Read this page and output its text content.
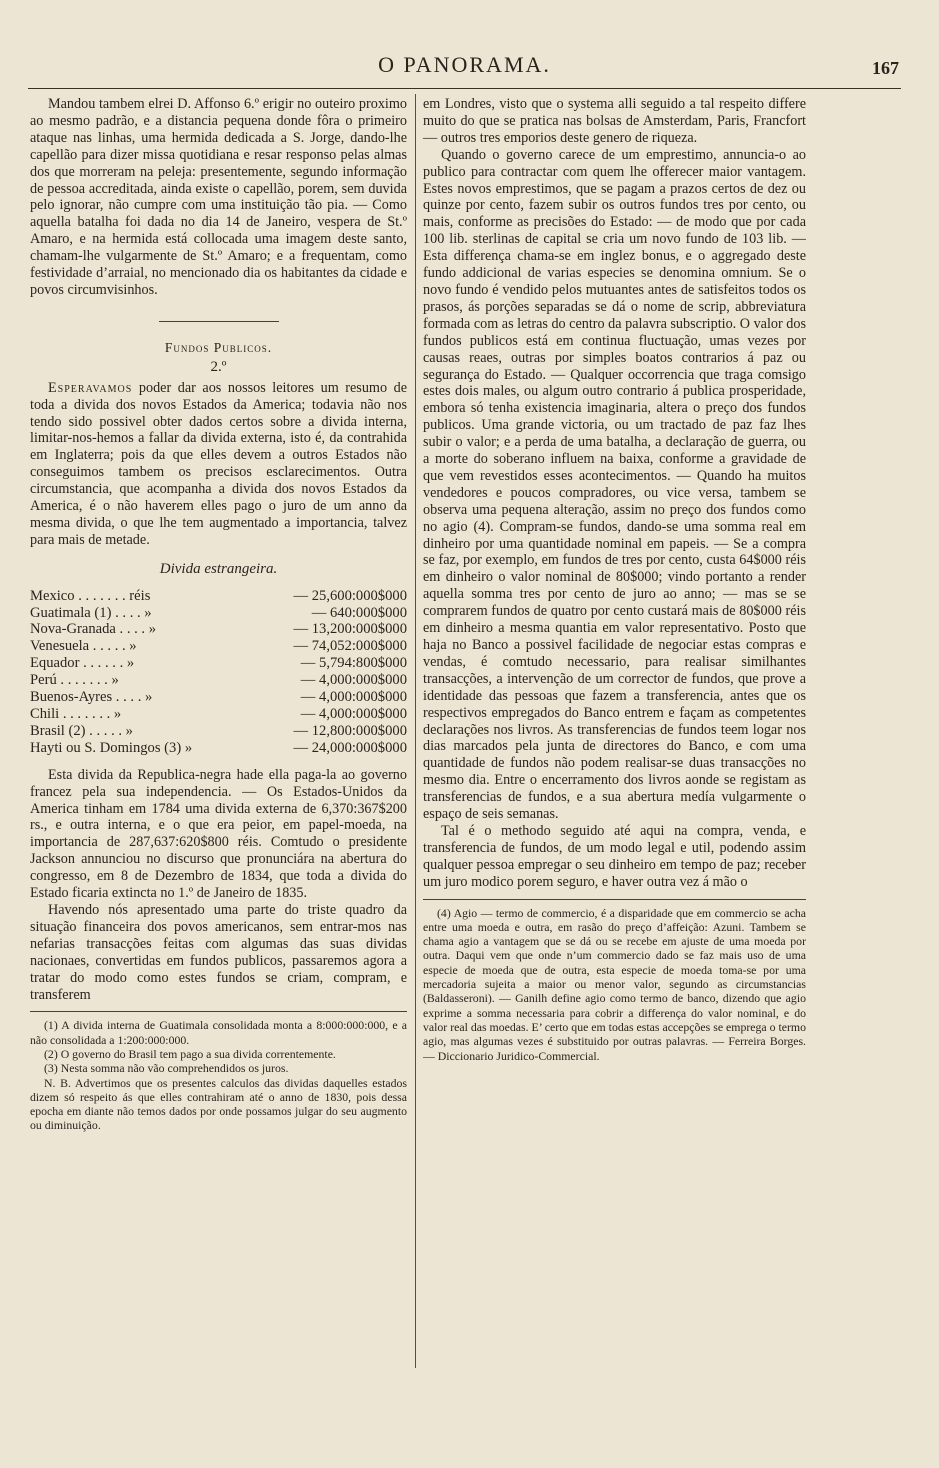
O PANORAMA.	167

Mandou tambem elrei D. Affonso 6.º erigir no outeiro proximo ao mesmo padrão, e a distancia pequena donde fôra o primeiro ataque nas linhas, uma hermida dedicada a S. Jorge, dando-lhe capellão para dizer missa quotidiana e resar responso pelas almas dos que morreram na peleja: presentemente, segundo informação de pessoa accreditada, ainda existe o capellão, porem, sem duvida pelo ignorar, não cumpre com uma instituição tão pia. — Como aquella batalha foi dada no dia 14 de Janeiro, vespera de St.º Amaro, e na hermida está collocada uma imagem deste santo, chamam-lhe vulgarmente de St.º Amaro; e a frequentam, como festividade d’arraial, no mencionado dia os habitantes da cidade e povos circumvisinhos.

Fundos Publicos.
2.º

Esperavamos poder dar aos nossos leitores um resumo de toda a divida dos novos Estados da America; todavia não nos tendo sido possivel obter dados certos sobre a divida interna, limitar-nos-hemos a fallar da divida externa, isto é, da contrahida em Inglaterra; pois da que elles devem a outros Estados não conseguimos tambem os precisos esclarecimentos. Outra circumstancia, que acompanha a divida dos novos Estados da America, é o não haverem elles pago o juro de um anno da mesma divida, o que lhe tem augmentado a importancia, talvez para mais de metade.

Divida estrangeira.
Mexico . . . . . . . réis	— 25,600:000$000
Guatimala (1) . . . . »	— 640:000$000
Nova-Granada . . . . »	— 13,200:000$000
Venesuela . . . . . »	— 74,052:000$000
Equador . . . . . . »	— 5,794:800$000
Perú . . . . . . . »	— 4,000:000$000
Buenos-Ayres . . . . »	— 4,000:000$000
Chili . . . . . . . »	— 4,000:000$000
Brasil (2) . . . . . »	— 12,800:000$000
Hayti ou S. Domingos (3) »	— 24,000:000$000

Esta divida da Republica-negra hade ella paga-la ao governo francez pela sua independencia. — Os Estados-Unidos da America tinham em 1784 uma divida externa de 6,370:367$200 rs., e outra interna, e o que era peior, em papel-moeda, na importancia de 287,637:620$800 réis. Comtudo o presidente Jackson annunciou no discurso que pronunciára na abertura do congresso, em 8 de Dezembro de 1834, que toda a divida do Estado ficaria extincta no 1.º de Janeiro de 1835.

Havendo nós apresentado uma parte do triste quadro da situação financeira dos povos americanos, sem entrar-mos nas nefarias transacções feitas com algumas das suas dividas nacionaes, convertidas em fundos publicos, passaremos agora a tratar do modo como estes fundos se criam, compram, e transferem

(1) A divida interna de Guatimala consolidada monta a 8:000:000:000, e a não consolidada a 1:200:000:000.

(2) O governo do Brasil tem pago a sua divida correntemente.

(3) Nesta somma não vão comprehendidos os juros.

N. B. Advertimos que os presentes calculos das dividas daquelles estados dizem só respeito ás que elles contrahiram até o anno de 1830, pois dessa epocha em diante não temos dados por onde possamos julgar do seu augmento ou diminuição.

em Londres, visto que o systema alli seguido a tal respeito differe muito do que se pratica nas bolsas de Amsterdam, Paris, Francfort — outros tres emporios deste genero de riqueza.

Quando o governo carece de um emprestimo, annuncia-o ao publico para contractar com quem lhe offerecer maior vantagem. Estes novos emprestimos, que se pagam a prazos certos de dez ou quinze por cento, fazem subir os outros fundos tres por cento, ou mais, conforme as precisões do Estado: — de modo que por cada 100 lib. sterlinas de capital se cria um novo fundo de 103 lib. — Esta differença chama-se em inglez bonus, e o aggregado deste fundo addicional de varias especies se denomina omnium. Se o novo fundo é vendido pelos mutuantes antes de satisfeitos todos os prasos, ás porções separadas se dá o nome de scrip, abbreviatura formada com as letras do centro da palavra subscriptio. O valor dos fundos publicos está em continua fluctuação, umas vezes por causas reaes, outras por simples boatos contrarios á paz ou segurança do Estado. — Qualquer occorrencia que traga comsigo estes dois males, ou algum outro contrario á publica prosperidade, embora só tenha existencia imaginaria, altera o preço dos fundos publicos. Uma grande victoria, ou um tractado de paz faz lhes subir o valor; e a perda de uma batalha, a declaração de guerra, ou a morte do soberano influem na baixa, conforme a gravidade de que vem revestidos esses acontecimentos. — Quando ha muitos vendedores e poucos compradores, ou vice versa, tambem se observa uma pequena alteração, assim no preço dos fundos como no agio (4). Compram-se fundos, dando-se uma somma real em dinheiro por uma quantidade nominal em papeis. — Se a compra se faz, por exemplo, em fundos de tres por cento, custa 64$000 réis em dinheiro o valor nominal de 80$000; vindo portanto a render aquella somma tres por cento de juro ao anno; — mas se se comprarem fundos de quatro por cento custará mais de 80$000 réis em dinheiro a mesma quantia em valor representativo. Posto que haja no Banco a possivel facilidade de negociar estas compras e vendas, é comtudo necessario, para realisar similhantes transacções, a intervenção de um corrector de fundos, que prove a identidade das pessoas que fazem a transferencia, antes que os respectivos empregados do Banco entrem e façam as competentes declarações nos livros. As transferencias de fundos teem logar nos dias marcados pela junta de directores do Banco, e com uma quantidade de fundos não podem realisar-se duas transacções no mesmo dia. Entre o encerramento dos livros aonde se registam as transferencias de fundos, e a sua abertura medía vulgarmente o espaço de seis semanas.

Tal é o methodo seguido até aqui na compra, venda, e transferencia de fundos, de um modo legal e util, podendo assim qualquer pessoa empregar o seu dinheiro em tempo de paz; receber um juro modico porem seguro, e haver outra vez á mão o

(4) Agio — termo de commercio, é a disparidade que em commercio se acha entre uma moeda e outra, em rasão do preço d’affeição: Azuni. Tambem se chama agio a vantagem que se dá ou se recebe em ajuste de uma moeda por outra. Daqui vem que onde n’um commercio dado se faz mais uso de uma especie de moeda que de outra, esta especie de moeda toma-se por uma mercadoria sujeita a maior ou menor valor, segundo as circumstancias (Baldasseroni). — Ganilh define agio como termo de banco, dizendo que agio exprime a somma necessaria para cobrir a differença do valor nominal, e do valor real das moedas. E’ certo que em todas estas accepções se emprega o termo agio, mas algumas vezes é substituido por outras palavras. — Ferreira Borges. — Diccionario Juridico-Commercial.
